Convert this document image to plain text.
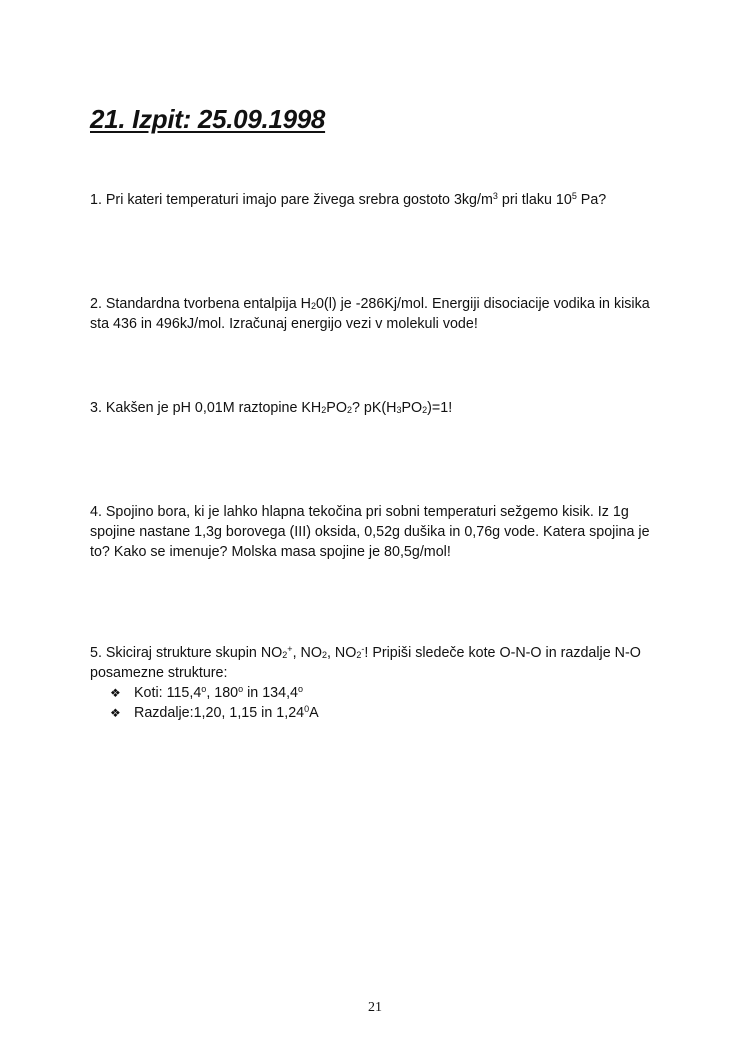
21. Izpit: 25.09.1998

1. Pri kateri temperaturi imajo pare živega srebra gostoto $3kg/m^3$ pri tlaku $10^5$ Pa?

2. Standardna tvorbena entalpija $H_20(l)$ je -286Kj/mol. Energiji disociacije vodika in kisika sta 436 in 496kJ/mol. Izračunaj energijo vezi v molekuli vode!

3. Kakšen je pH 0,01M raztopine $KH_2PO_2$? $pK(H_3PO_2)=1$!

4. Spojino bora, ki je lahko hlapna tekočina pri sobni temperaturi sežgemo kisik. Iz 1g spojine nastane 1,3g borovega (III) oksida, 0,52g dušika in 0,76g vode. Katera spojina je to? Kako se imenuje? Molska masa spojine je 80,5g/mol!

5. Skiciraj strukture skupin $NO_2^+$, $NO_2$, $NO_2^-$! Pripiši sledeče kote O-N-O in razdalje N-O posamezne strukture:
❖ Koti: 115,4$^o$, 180$^o$ in 134,4$^o$
❖ Razdalje:1,20, 1,15 in 1,24$^0$A
21
